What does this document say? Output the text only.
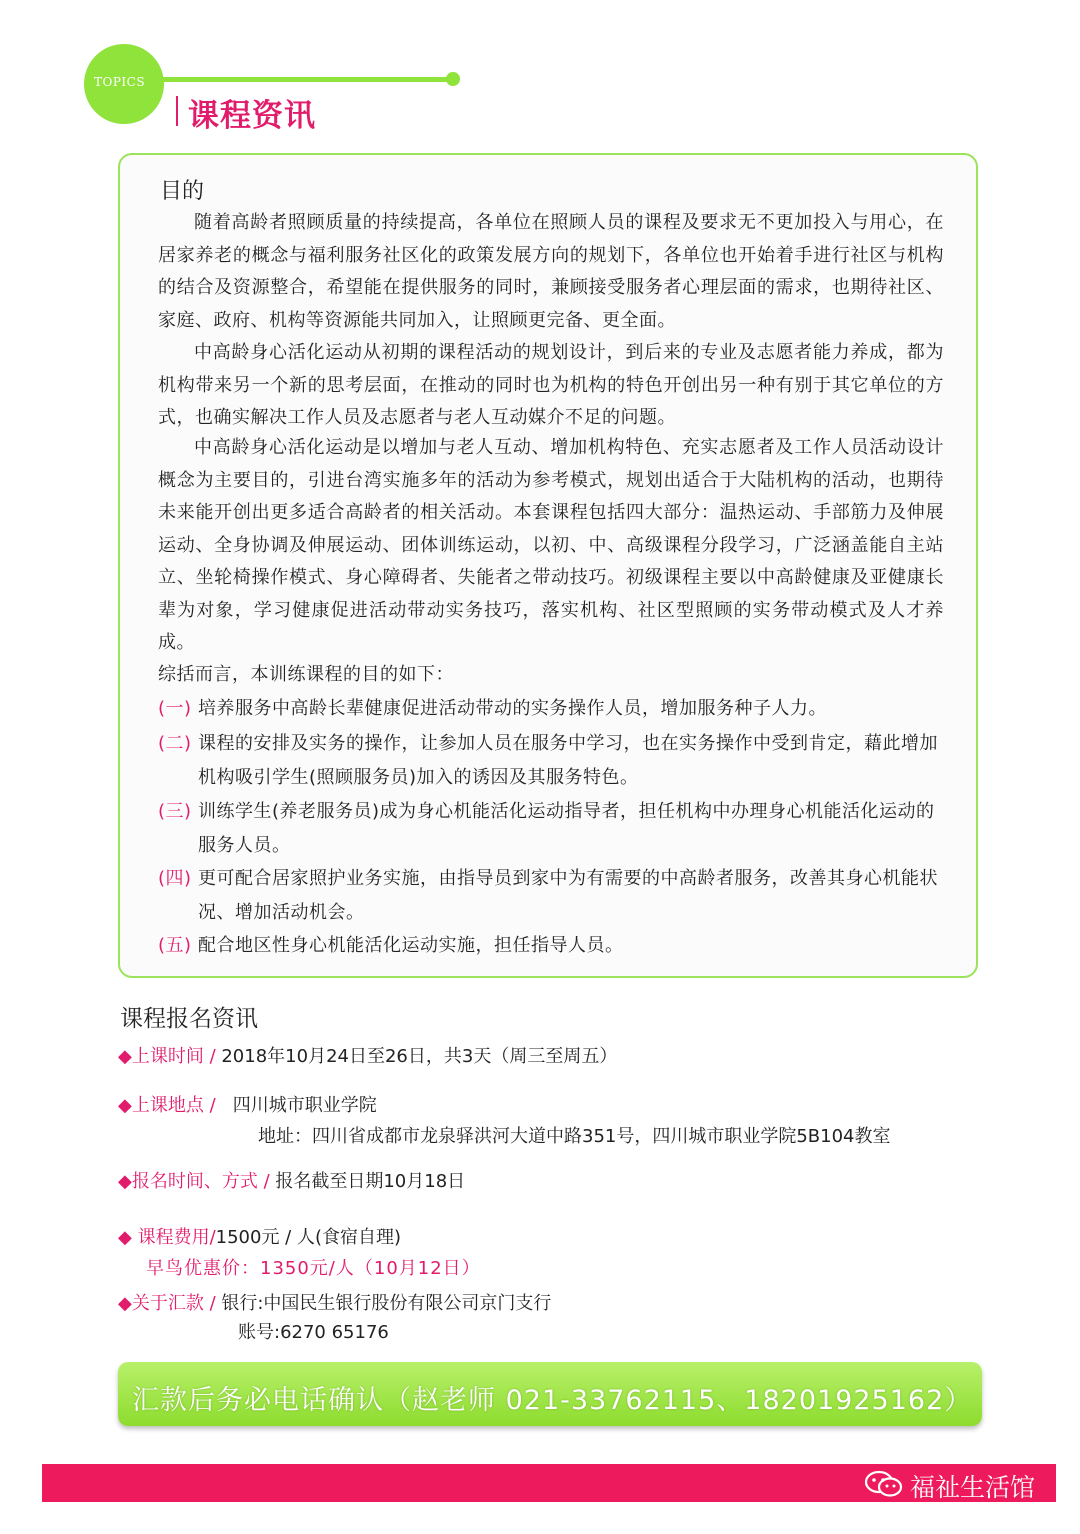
TOPICS
课程资讯
目的
随着高龄者照顾质量的持续提高，各单位在照顾人员的课程及要求无不更加投入与用心，在居家养老的概念与福利服务社区化的政策发展方向的规划下，各单位也开始着手进行社区与机构的结合及资源整合，希望能在提供服务的同时，兼顾接受服务者心理层面的需求，也期待社区、家庭、政府、机构等资源能共同加入，让照顾更完备、更全面。
中高龄身心活化运动从初期的课程活动的规划设计，到后来的专业及志愿者能力养成，都为机构带来另一个新的思考层面，在推动的同时也为机构的特色开创出另一种有别于其它单位的方式，也确实解决工作人员及志愿者与老人互动媒介不足的问题。
中高龄身心活化运动是以增加与老人互动、增加机构特色、充实志愿者及工作人员活动设计概念为主要目的，引进台湾实施多年的活动为参考模式，规划出适合于大陆机构的活动，也期待未来能开创出更多适合高龄者的相关活动。本套课程包括四大部分：温热运动、手部筋力及伸展运动、全身协调及伸展运动、团体训练运动，以初、中、高级课程分段学习，广泛涵盖能自主站立、坐轮椅操作模式、身心障碍者、失能者之带动技巧。初级课程主要以中高龄健康及亚健康长辈为对象，学习健康促进活动带动实务技巧，落实机构、社区型照顾的实务带动模式及人才养成。
综括而言，本训练课程的目的如下：
(一) 培养服务中高龄长辈健康促进活动带动的实务操作人员，增加服务种子人力。
(二) 课程的安排及实务的操作，让参加人员在服务中学习，也在实务操作中受到肯定，藉此增加机构吸引学生(照顾服务员)加入的诱因及其服务特色。
(三) 训练学生(养老服务员)成为身心机能活化运动指导者，担任机构中办理身心机能活化运动的服务人员。
(四) 更可配合居家照护业务实施，由指导员到家中为有需要的中高龄者服务，改善其身心机能状况、增加活动机会。
(五) 配合地区性身心机能活化运动实施，担任指导人员。
课程报名资讯
◆上课时间 / 2018年10月24日至26日，共3天（周三至周五）
◆上课地点 /   四川城市职业学院
地址：四川省成都市龙泉驿洪河大道中路351号，四川城市职业学院5B104教室
◆报名时间、方式 / 报名截至日期10月18日
◆ 课程费用/1500元 / 人(食宿自理)
早鸟优惠价：1350元/人（10月12日）
◆关于汇款 / 银行:中国民生银行股份有限公司京门支行
账号:6270 65176
汇款后务必电话确认（赵老师 021-33762115、18201925162）
福祉生活馆
